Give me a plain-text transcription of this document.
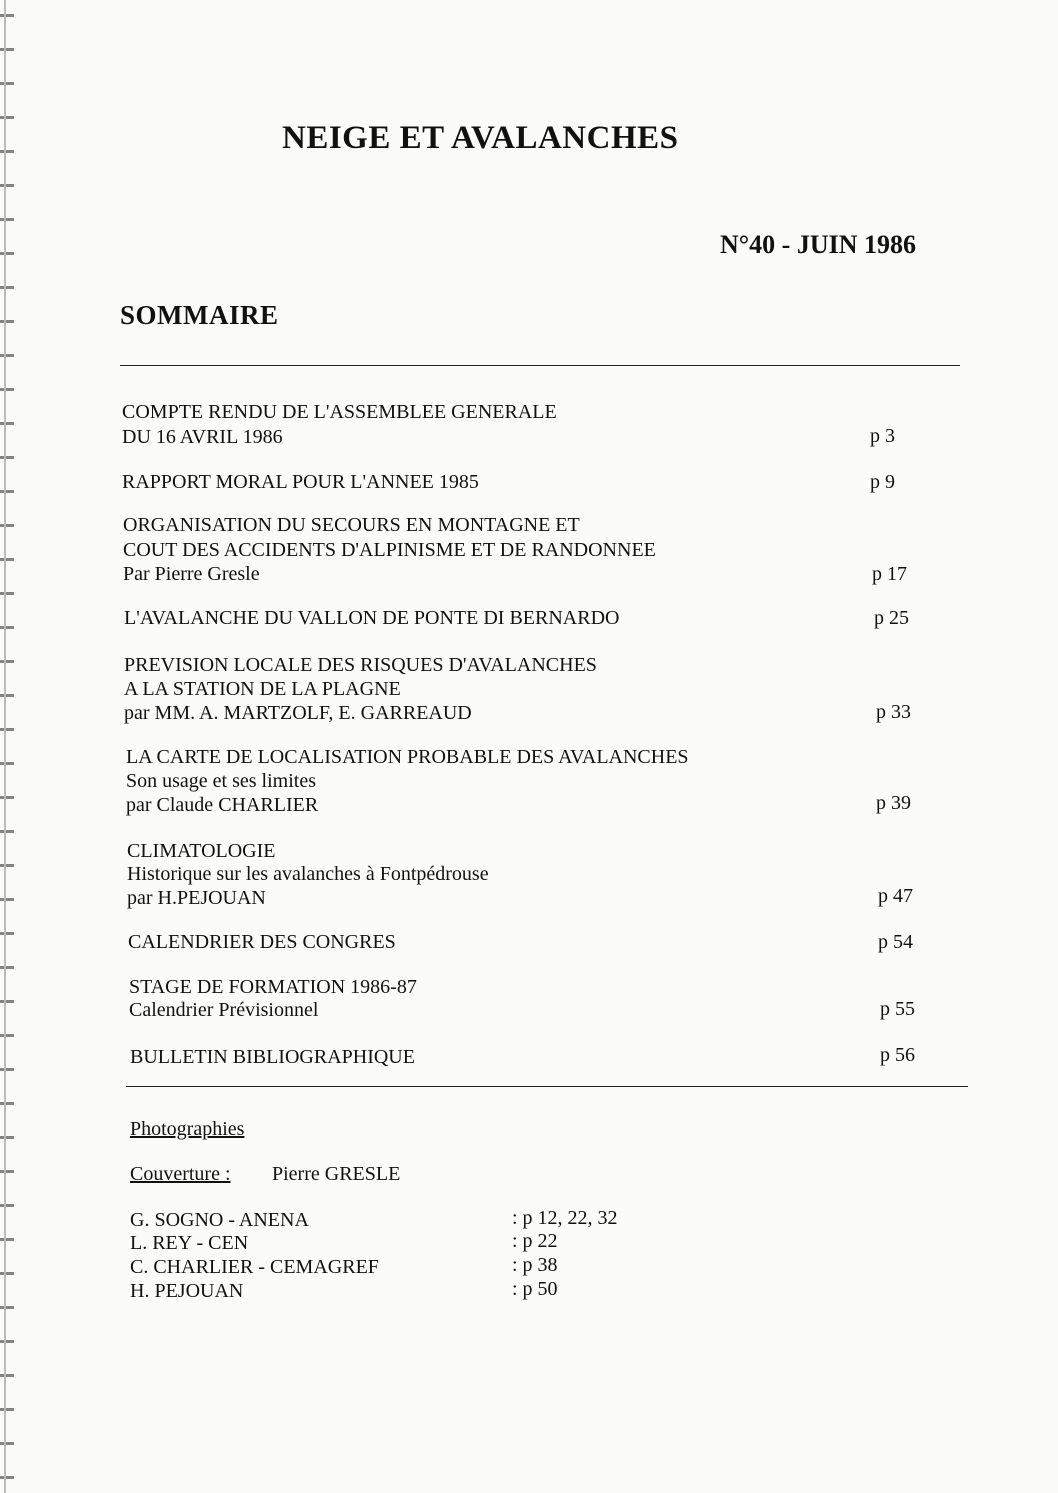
NEIGE ET AVALANCHES
N°40 - JUIN 1986
SOMMAIRE
COMPTE RENDU DE L'ASSEMBLEE GENERALE
DU 16 AVRIL 1986	p 3
RAPPORT MORAL POUR L'ANNEE 1985	p 9
ORGANISATION DU SECOURS EN MONTAGNE ET
COUT DES ACCIDENTS D'ALPINISME ET DE RANDONNEE
Par Pierre Gresle	p 17
L'AVALANCHE DU VALLON DE PONTE DI BERNARDO	p 25
PREVISION LOCALE DES RISQUES D'AVALANCHES
A LA STATION DE LA PLAGNE
par MM. A. MARTZOLF, E. GARREAUD	p 33
LA CARTE DE LOCALISATION PROBABLE DES AVALANCHES
Son usage et ses limites
par Claude CHARLIER	p 39
CLIMATOLOGIE
Historique sur les avalanches à Fontpédrouse
par H.PEJOUAN	p 47
CALENDRIER DES CONGRES	p 54
STAGE DE FORMATION 1986-87
Calendrier Prévisionnel	p 55
BULLETIN BIBLIOGRAPHIQUE	p 56
Photographies
Couverture : Pierre GRESLE
G. SOGNO - ANENA	: p 12, 22, 32
L. REY - CEN	: p 22
C. CHARLIER - CEMAGREF	: p 38
H. PEJOUAN	: p 50
